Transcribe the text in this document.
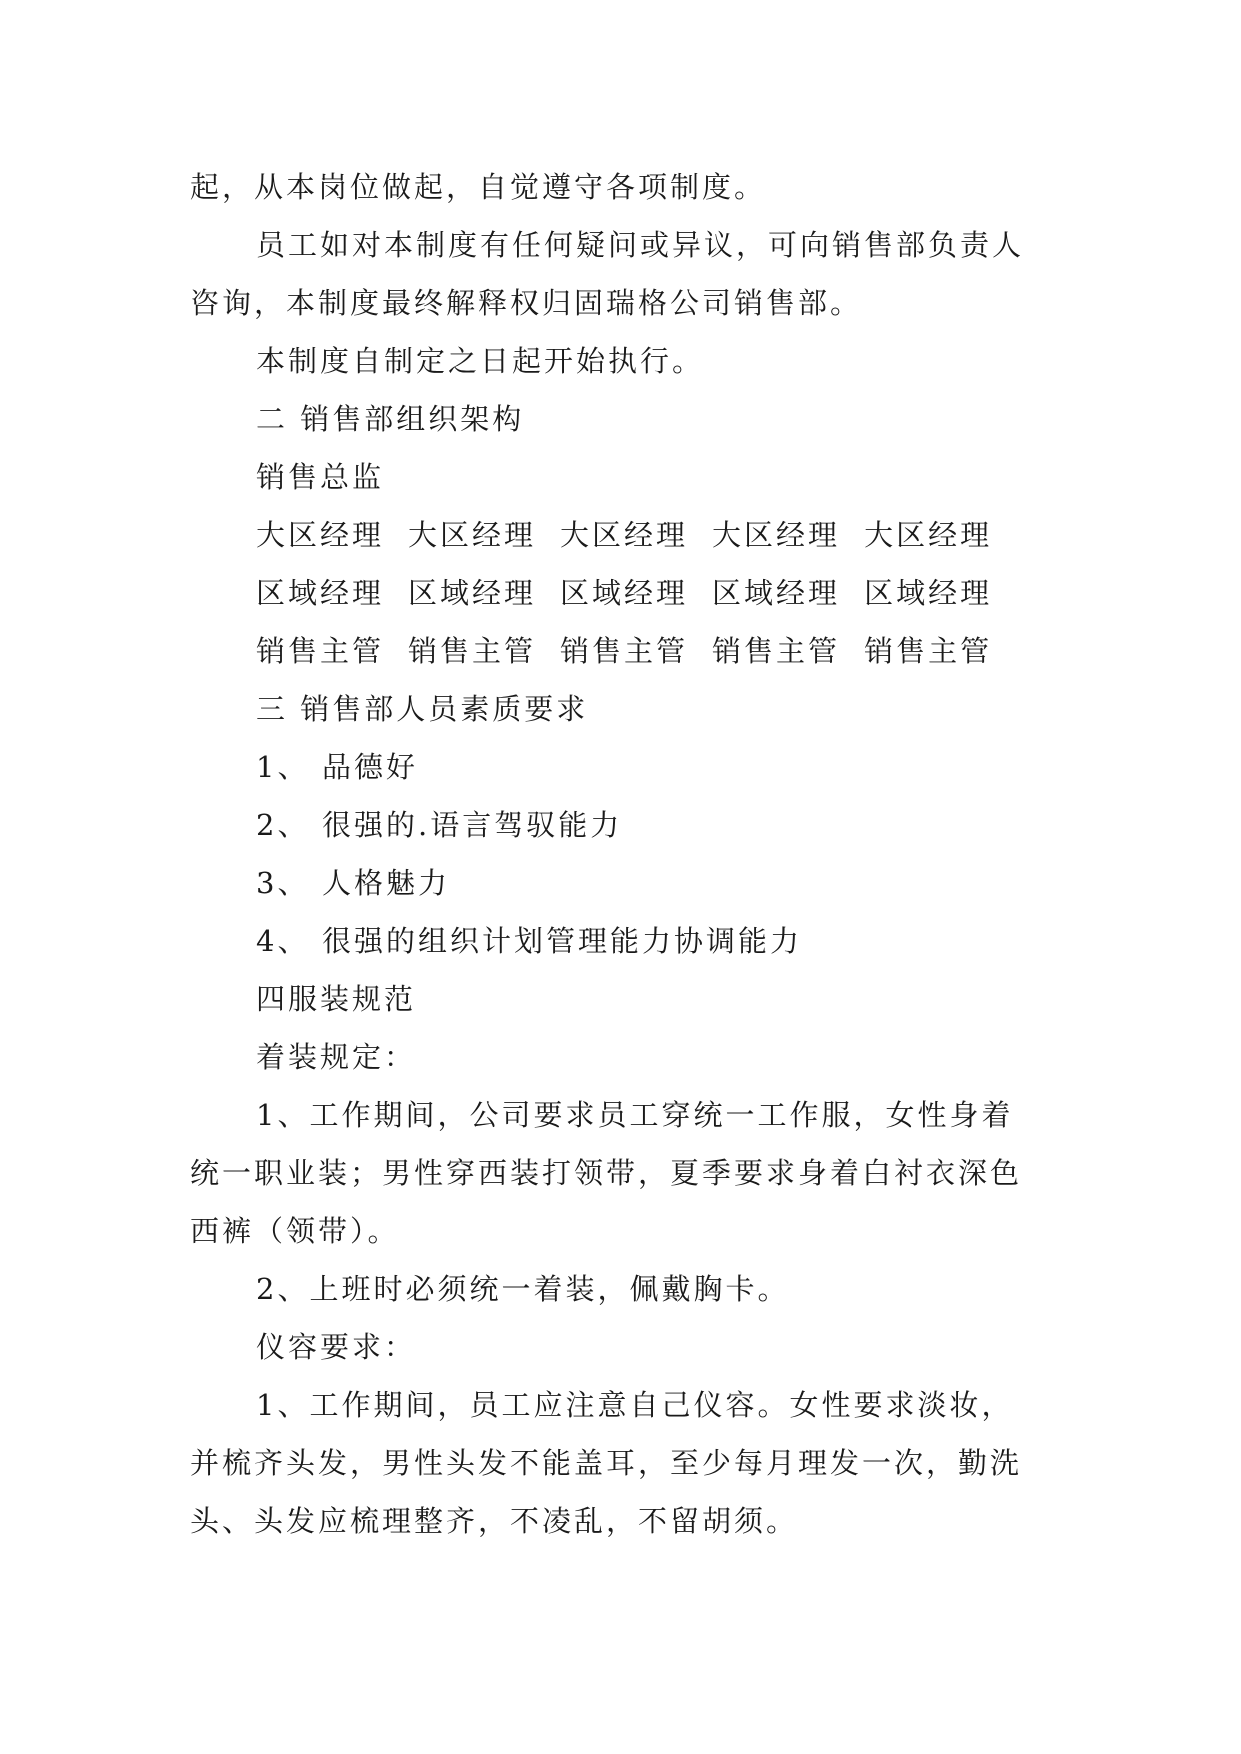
起，从本岗位做起，自觉遵守各项制度。
员工如对本制度有任何疑问或异议，可向销售部负责人
咨询，本制度最终解释权归固瑞格公司销售部。
本制度自制定之日起开始执行。
二 销售部组织架构
销售总监
大区经理 大区经理 大区经理 大区经理 大区经理
区域经理 区域经理 区域经理 区域经理 区域经理
销售主管 销售主管 销售主管 销售主管 销售主管
三 销售部人员素质要求
1、 品德好
2、 很强的.语言驾驭能力
3、 人格魅力
4、 很强的组织计划管理能力协调能力
四服装规范
着装规定：
1、工作期间，公司要求员工穿统一工作服，女性身着
统一职业装；男性穿西装打领带，夏季要求身着白衬衣深色
西裤（领带）。
2、上班时必须统一着装，佩戴胸卡。
仪容要求：
1、工作期间，员工应注意自己仪容。女性要求淡妆，
并梳齐头发，男性头发不能盖耳，至少每月理发一次，勤洗
头、头发应梳理整齐，不凌乱，不留胡须。
